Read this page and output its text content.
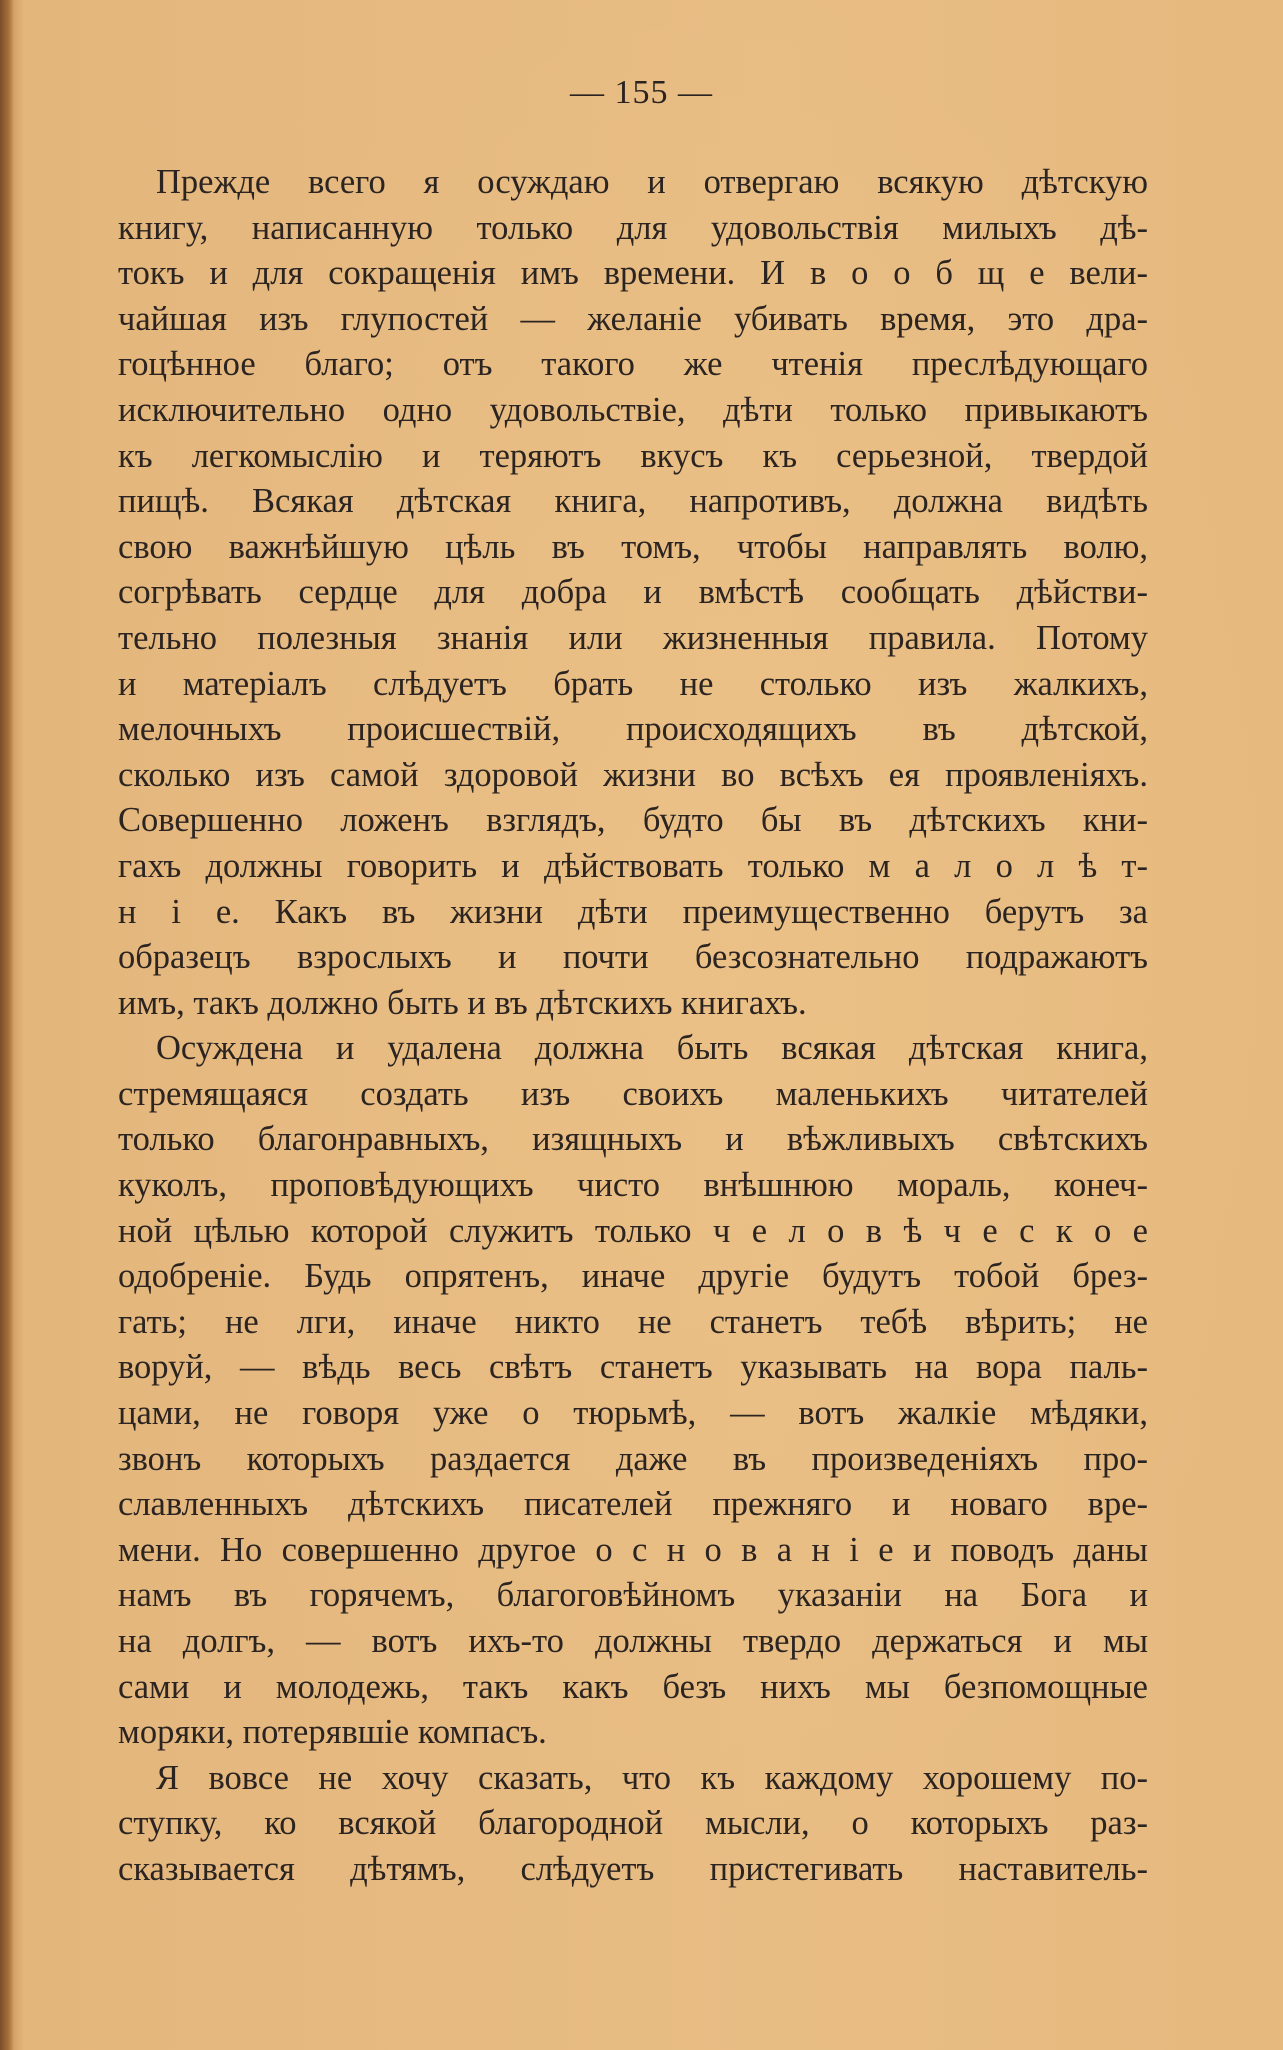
— 155 —
Прежде всего я осуждаю и отвергаю всякую дѣтскую
книгу, написанную только для удовольствія милыхъ дѣ-
токъ и для сокращенія имъ времени. И в о о б щ е вели-
чайшая изъ глупостей — желаніе убивать время, это дра-
гоцѣнное благо; отъ такого же чтенія преслѣдующаго
исключительно одно удовольствіе, дѣти только привыкаютъ
къ легкомыслію и теряютъ вкусъ къ серьезной, твердой
пищѣ. Всякая дѣтская книга, напротивъ, должна видѣть
свою важнѣйшую цѣль въ томъ, чтобы направлять волю,
согрѣвать сердце для добра и вмѣстѣ сообщать дѣйстви-
тельно полезныя знанія или жизненныя правила. Потому
и матеріалъ слѣдуетъ брать не столько изъ жалкихъ,
мелочныхъ происшествій, происходящихъ въ дѣтской,
сколько изъ самой здоровой жизни во всѣхъ ея проявленіяхъ.
Совершенно ложенъ взглядъ, будто бы въ дѣтскихъ кни-
гахъ должны говорить и дѣйствовать только м а л о л ѣ т-
н і е. Какъ въ жизни дѣти преимущественно берутъ за
образецъ взрослыхъ и почти безсознательно подражаютъ
имъ, такъ должно быть и въ дѣтскихъ книгахъ.
Осуждена и удалена должна быть всякая дѣтская книга,
стремящаяся создать изъ своихъ маленькихъ читателей
только благонравныхъ, изящныхъ и вѣжливыхъ свѣтскихъ
куколъ, проповѣдующихъ чисто внѣшнюю мораль, конеч-
ной цѣлью которой служитъ только ч е л о в ѣ ч е с к о е
одобреніе. Будь опрятенъ, иначе другіе будутъ тобой брез-
гать; не лги, иначе никто не станетъ тебѣ вѣрить; не
воруй, — вѣдь весь свѣтъ станетъ указывать на вора паль-
цами, не говоря уже о тюрьмѣ, — вотъ жалкіе мѣдяки,
звонъ которыхъ раздается даже въ произведеніяхъ про-
славленныхъ дѣтскихъ писателей прежняго и новаго вре-
мени. Но совершенно другое о с н о в а н і е и поводъ даны
намъ въ горячемъ, благоговѣйномъ указаніи на Бога и
на долгъ, — вотъ ихъ-то должны твердо держаться и мы
сами и молодежь, такъ какъ безъ нихъ мы безпомощные
моряки, потерявшіе компасъ.
Я вовсе не хочу сказать, что къ каждому хорошему по-
ступку, ко всякой благородной мысли, о которыхъ раз-
сказывается дѣтямъ, слѣдуетъ пристегивать наставитель-
